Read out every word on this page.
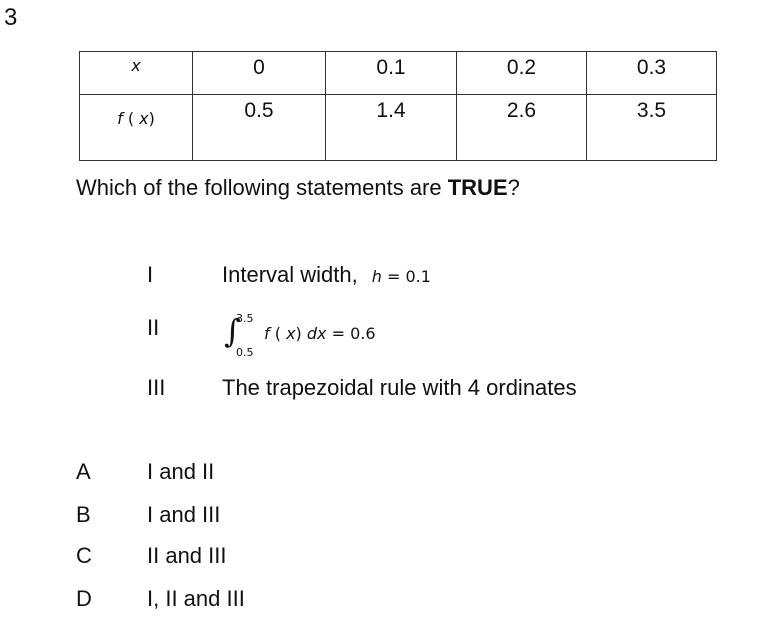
3
x	0	0.1	0.2	0.3
f ( x)	0.5	1.4	2.6	3.5
Which of the following statements are TRUE?
I	Interval width, h = 0.1
II ∫
3.5
0.5
f ( x) dx = 0.6
III	The trapezoidal rule with 4 ordinates
A	I and II
B	I and III
C	II and III
D	I, II and III
